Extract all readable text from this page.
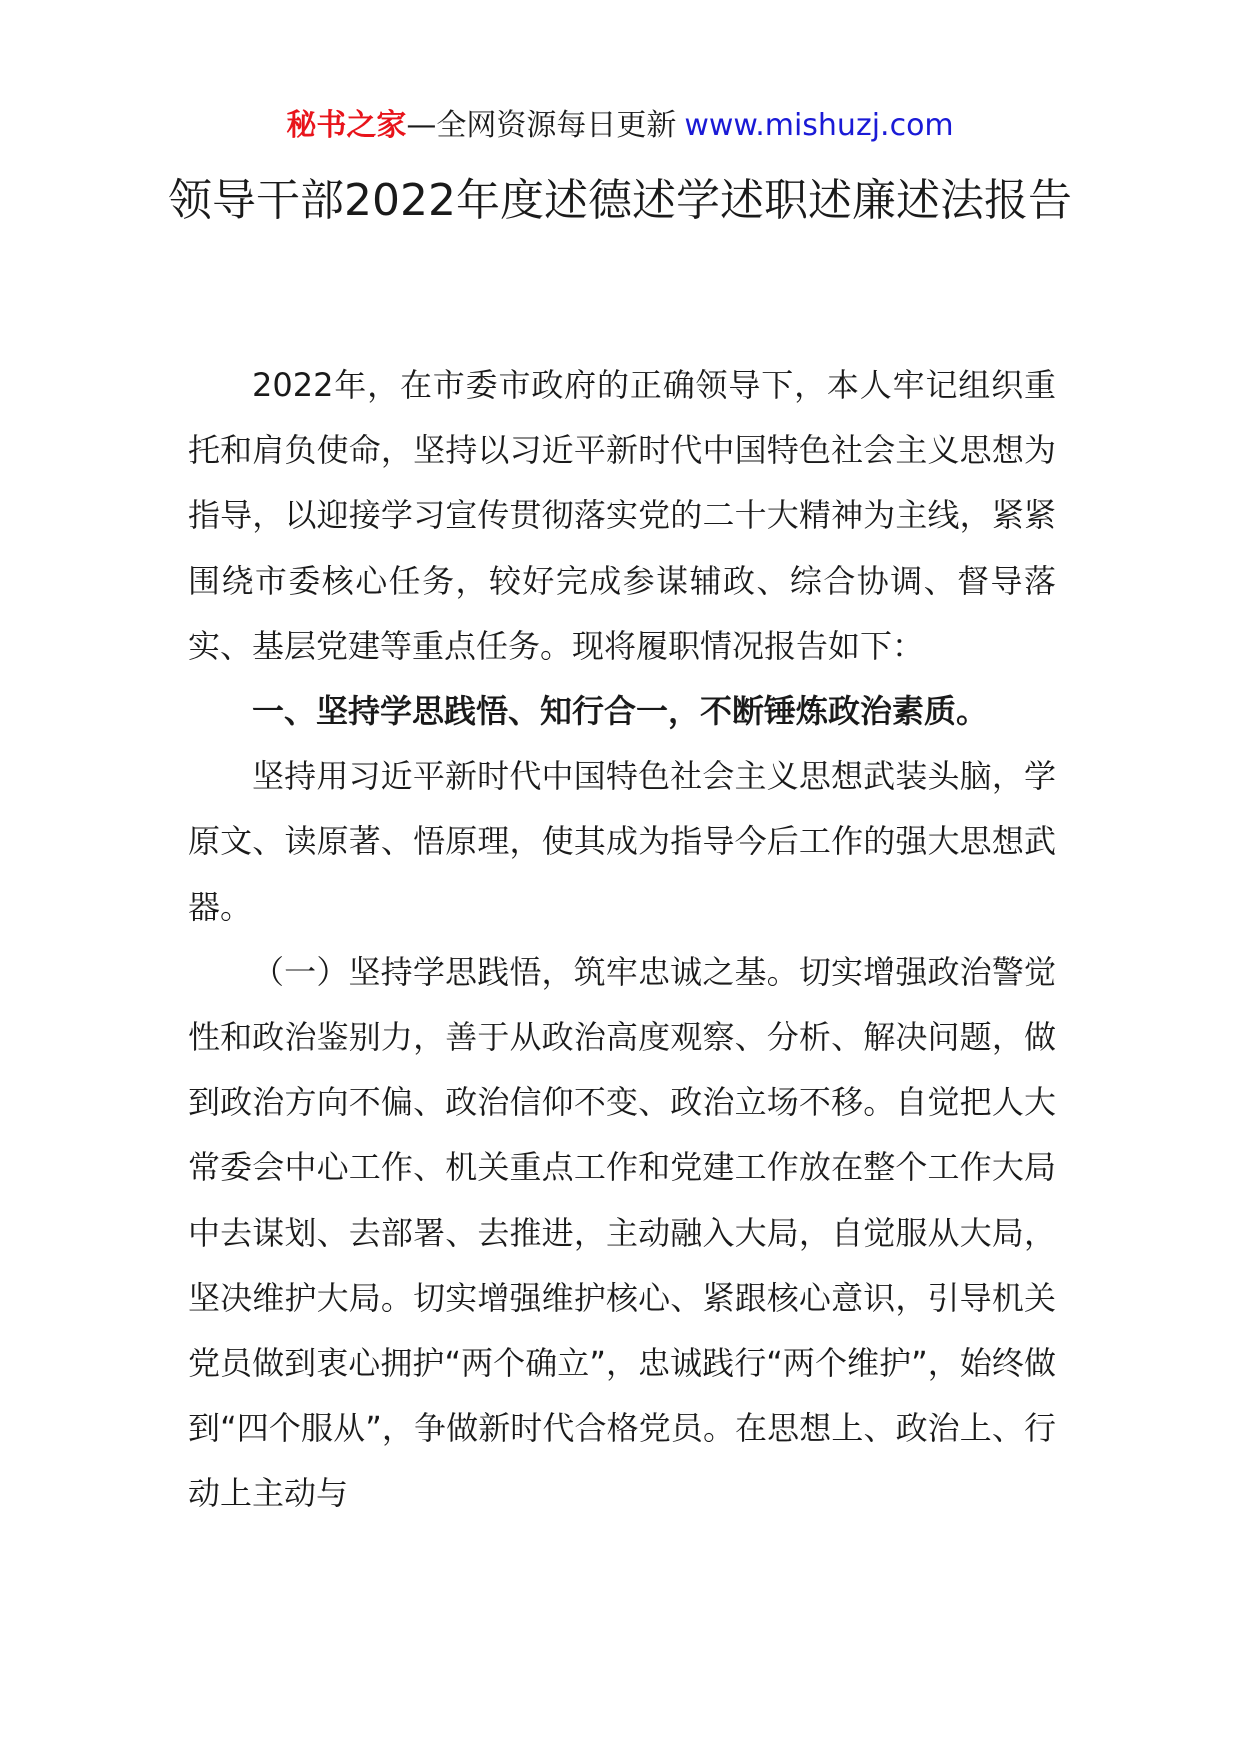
秘书之家—全网资源每日更新 www.mishuzj.com
领导干部2022年度述德述学述职述廉述法报告

2022年，在市委市政府的正确领导下，本人牢记组织重托和肩负使命，坚持以习近平新时代中国特色社会主义思想为指导，以迎接学习宣传贯彻落实党的二十大精神为主线，紧紧围绕市委核心任务，较好完成参谋辅政、综合协调、督导落实、基层党建等重点任务。现将履职情况报告如下：

一、坚持学思践悟、知行合一，不断锤炼政治素质。

坚持用习近平新时代中国特色社会主义思想武装头脑，学原文、读原著、悟原理，使其成为指导今后工作的强大思想武器。

（一）坚持学思践悟，筑牢忠诚之基。切实增强政治警觉性和政治鉴别力，善于从政治高度观察、分析、解决问题，做到政治方向不偏、政治信仰不变、政治立场不移。自觉把人大常委会中心工作、机关重点工作和党建工作放在整个工作大局中去谋划、去部署、去推进，主动融入大局，自觉服从大局，坚决维护大局。切实增强维护核心、紧跟核心意识，引导机关党员做到衷心拥护“两个确立”，忠诚践行“两个维护”，始终做到“四个服从”，争做新时代合格党员。在思想上、政治上、行动上主动与
